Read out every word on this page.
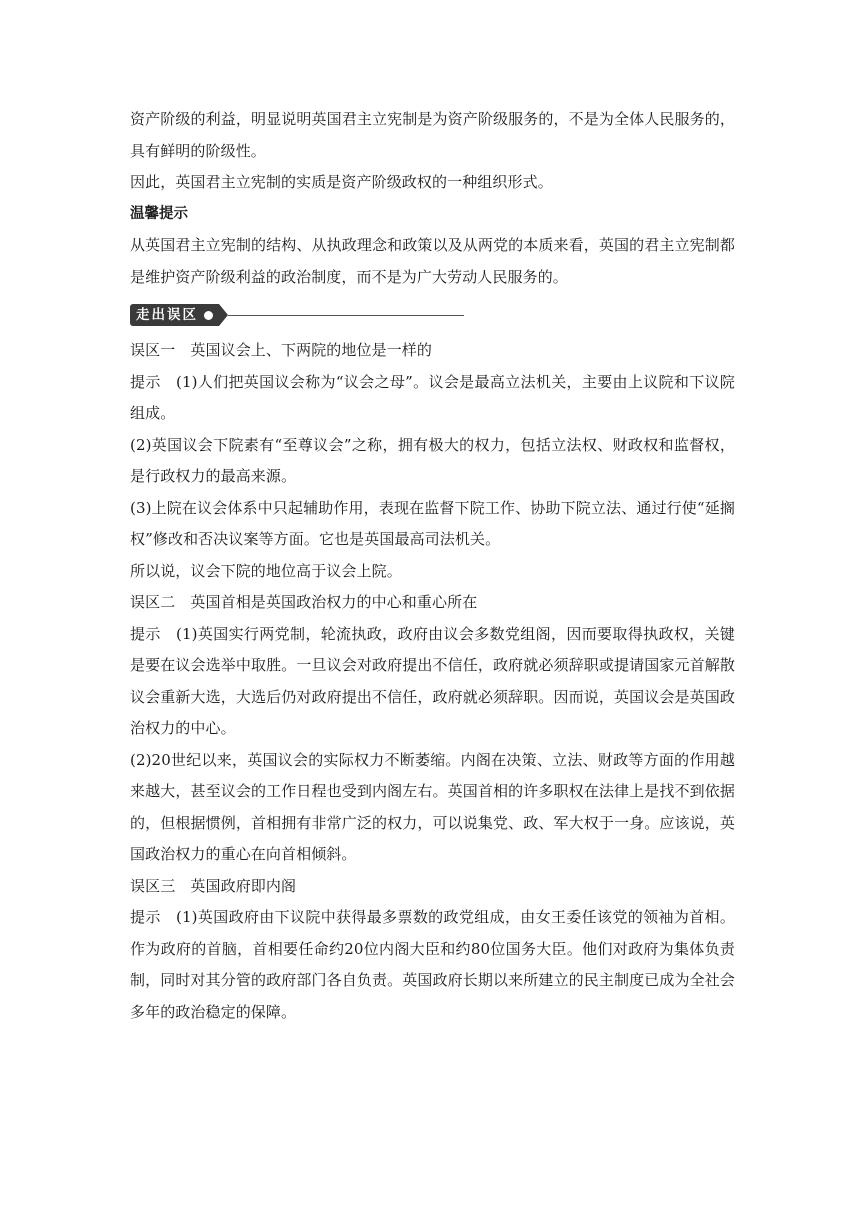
资产阶级的利益，明显说明英国君主立宪制是为资产阶级服务的，不是为全体人民服务的，具有鲜明的阶级性。

因此，英国君主立宪制的实质是资产阶级政权的一种组织形式。

温馨提示

从英国君主立宪制的结构、从执政理念和政策以及从两党的本质来看，英国的君主立宪制都是维护资产阶级利益的政治制度，而不是为广大劳动人民服务的。

走出误区

误区一　英国议会上、下两院的地位是一样的

提示　(1)人们把英国议会称为“议会之母”。议会是最高立法机关，主要由上议院和下议院组成。

(2)英国议会下院素有“至尊议会”之称，拥有极大的权力，包括立法权、财政权和监督权，是行政权力的最高来源。

(3)上院在议会体系中只起辅助作用，表现在监督下院工作、协助下院立法、通过行使“延搁权”修改和否决议案等方面。它也是英国最高司法机关。

所以说，议会下院的地位高于议会上院。

误区二　英国首相是英国政治权力的中心和重心所在

提示　(1)英国实行两党制，轮流执政，政府由议会多数党组阁，因而要取得执政权，关键是要在议会选举中取胜。一旦议会对政府提出不信任，政府就必须辞职或提请国家元首解散议会重新大选，大选后仍对政府提出不信任，政府就必须辞职。因而说，英国议会是英国政治权力的中心。

(2)20世纪以来，英国议会的实际权力不断萎缩。内阁在决策、立法、财政等方面的作用越来越大，甚至议会的工作日程也受到内阁左右。英国首相的许多职权在法律上是找不到依据的，但根据惯例，首相拥有非常广泛的权力，可以说集党、政、军大权于一身。应该说，英国政治权力的重心在向首相倾斜。

误区三　英国政府即内阁

提示　(1)英国政府由下议院中获得最多票数的政党组成，由女王委任该党的领袖为首相。作为政府的首脑，首相要任命约20位内阁大臣和约80位国务大臣。他们对政府为集体负责制，同时对其分管的政府部门各自负责。英国政府长期以来所建立的民主制度已成为全社会多年的政治稳定的保障。
